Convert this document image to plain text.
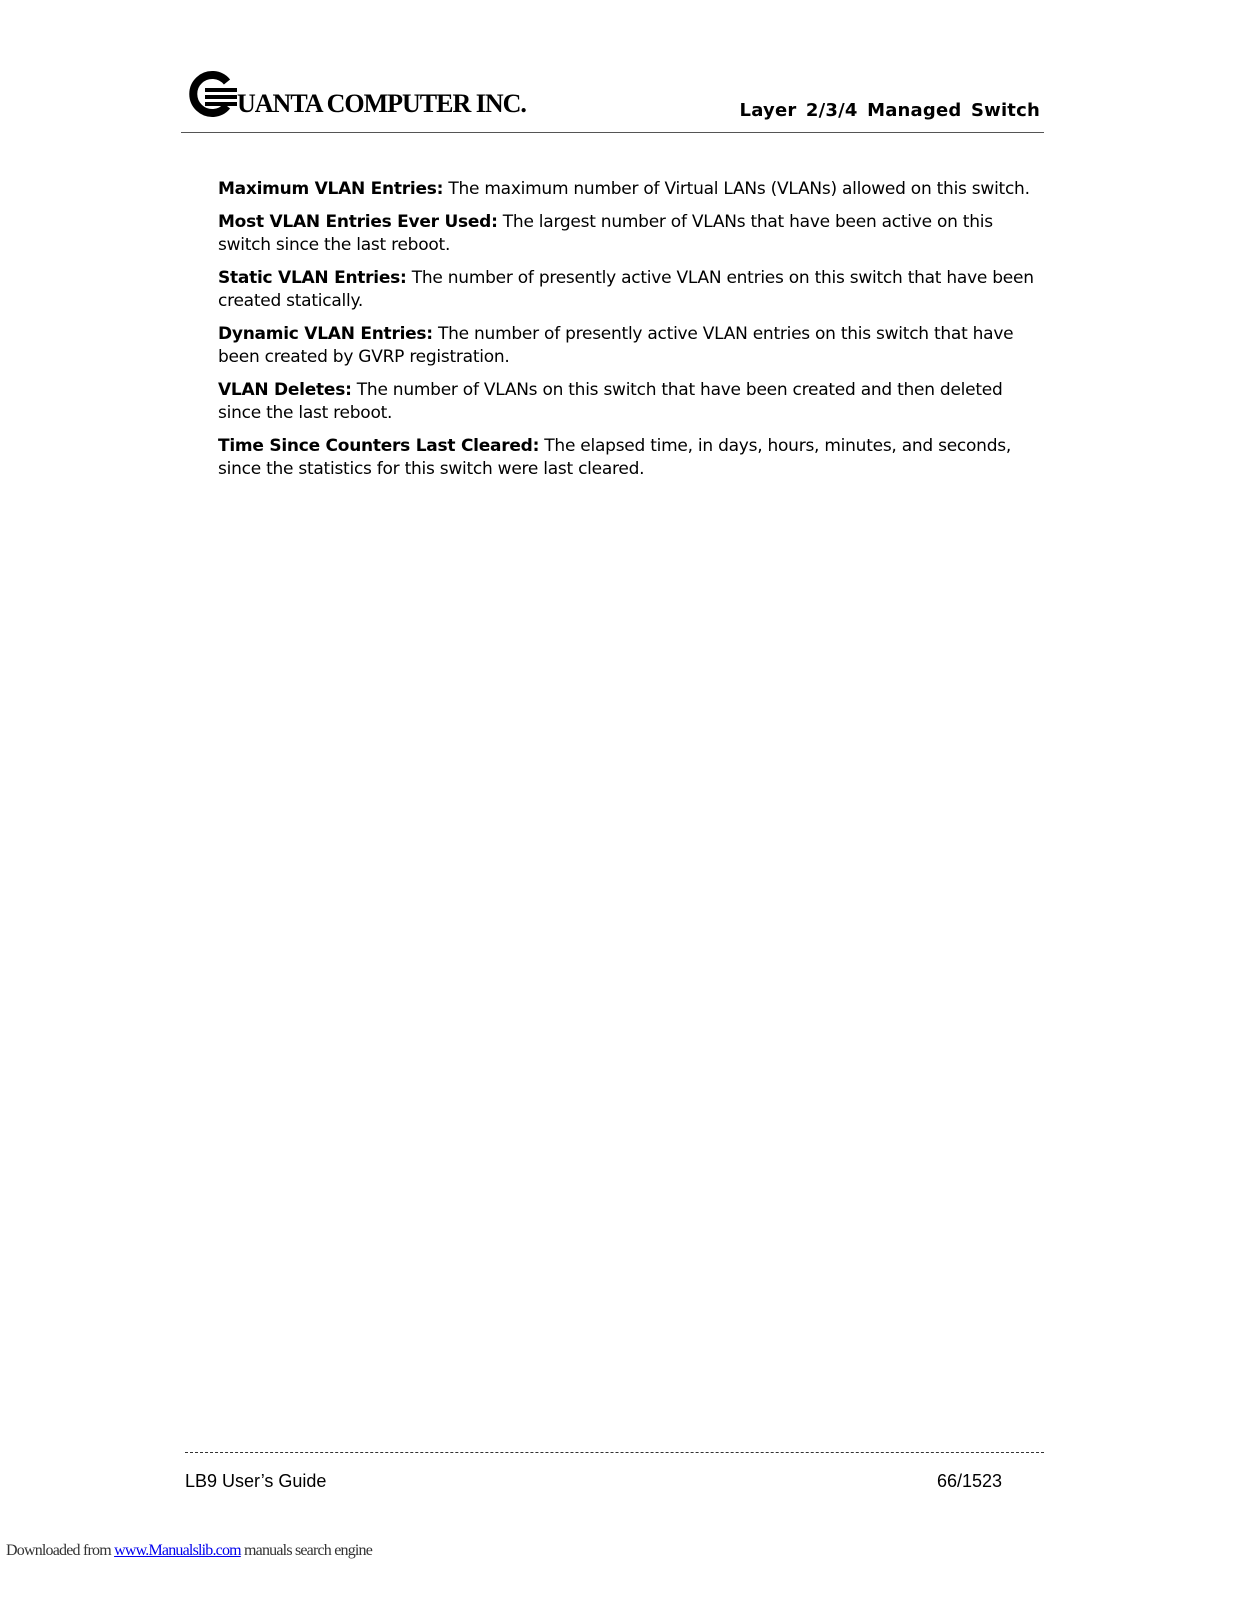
UANTA COMPUTER INC.	Layer 2/3/4 Managed Switch

Maximum VLAN Entries: The maximum number of Virtual LANs (VLANs) allowed on this switch.

Most VLAN Entries Ever Used: The largest number of VLANs that have been active on this switch since the last reboot.

Static VLAN Entries: The number of presently active VLAN entries on this switch that have been created statically.

Dynamic VLAN Entries: The number of presently active VLAN entries on this switch that have been created by GVRP registration.

VLAN Deletes: The number of VLANs on this switch that have been created and then deleted since the last reboot.

Time Since Counters Last Cleared: The elapsed time, in days, hours, minutes, and seconds, since the statistics for this switch were last cleared.

LB9 User’s Guide	66/1523
Downloaded from www.Manualslib.com manuals search engine
